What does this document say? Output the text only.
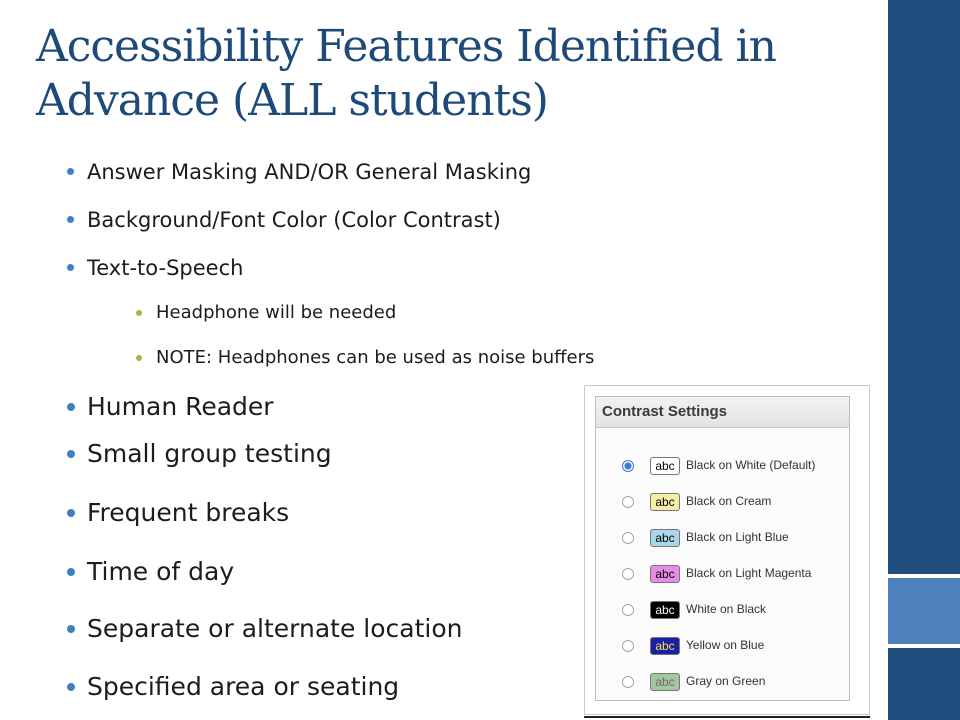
Accessibility Features Identified in
Advance (ALL students)
Answer Masking AND/OR General Masking
Background/Font Color (Color Contrast)
Text-to-Speech
Headphone will be needed
NOTE: Headphones can be used as noise buffers
Human Reader
Small group testing
Frequent breaks
Time of day
Separate or alternate location
Specified area or seating
Contrast Settings
abc Black on White (Default)
abc Black on Cream
abc Black on Light Blue
abc Black on Light Magenta
abc White on Black
abc Yellow on Blue
abc Gray on Green
